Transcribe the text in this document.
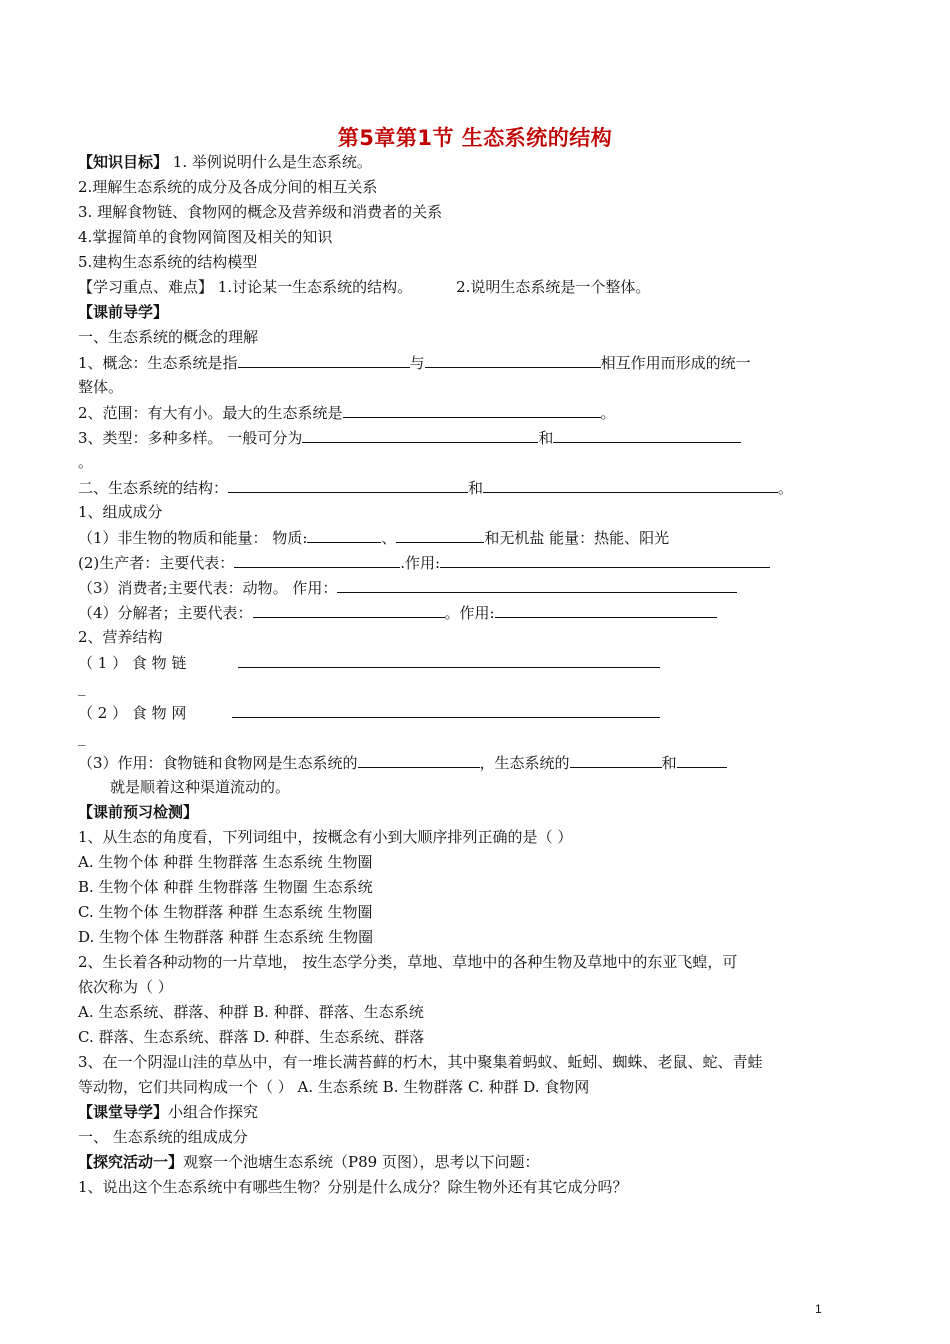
第5章第1节 生态系统的结构
【知识目标】 1. 举例说明什么是生态系统。
2.理解生态系统的成分及各成分间的相互关系
3. 理解食物链、食物网的概念及营养级和消费者的关系
4.掌握简单的食物网简图及相关的知识
5.建构生态系统的结构模型
【学习重点、难点】 1.讨论某一生态系统的结构。	2.说明生态系统是一个整体。
【课前导学】
一、生态系统的概念的理解
1、概念：生态系统是指	与	相互作用而形成的统一
整体。
2、范围：有大有小。最大的生态系统是	。
3、类型：多种多样。 一般可分为	和
。
二、生态系统的结构：	和	。
1、组成成分
（1）非生物的物质和能量： 物质:	、	和无机盐 能量：热能、阳光
(2)生产者：主要代表：	.作用:
（3）消费者;主要代表：动物。 作用：
（4）分解者；主要代表：	。作用:
2、营养结构
（ 1 ） 食 物 链
_
（ 2 ） 食 物 网
_
（3）作用：食物链和食物网是生态系统的	，生态系统的	和
就是顺着这种渠道流动的。
【课前预习检测】
1、从生态的角度看，下列词组中，按概念有小到大顺序排列正确的是（ ）
A. 生物个体 种群 生物群落 生态系统 生物圈
B. 生物个体 种群 生物群落 生物圈 生态系统
C. 生物个体 生物群落 种群 生态系统 生物圈
D. 生物个体 生物群落 种群 生态系统 生物圈
2、生长着各种动物的一片草地， 按生态学分类，草地、草地中的各种生物及草地中的东亚飞蝗，可
依次称为（ ）
A. 生态系统、群落、种群 B. 种群、群落、生态系统
C. 群落、生态系统、群落 D. 种群、生态系统、群落
3、在一个阴湿山洼的草丛中，有一堆长满苔藓的朽木，其中聚集着蚂蚁、蚯蚓、蜘蛛、老鼠、蛇、青蛙
等动物，它们共同构成一个（ ） A. 生态系统 B. 生物群落 C. 种群 D. 食物网
【课堂导学】小组合作探究
一、 生态系统的组成成分
【探究活动一】观察一个池塘生态系统（P89 页图），思考以下问题：
1、说出这个生态系统中有哪些生物？分别是什么成分？除生物外还有其它成分吗？
1
